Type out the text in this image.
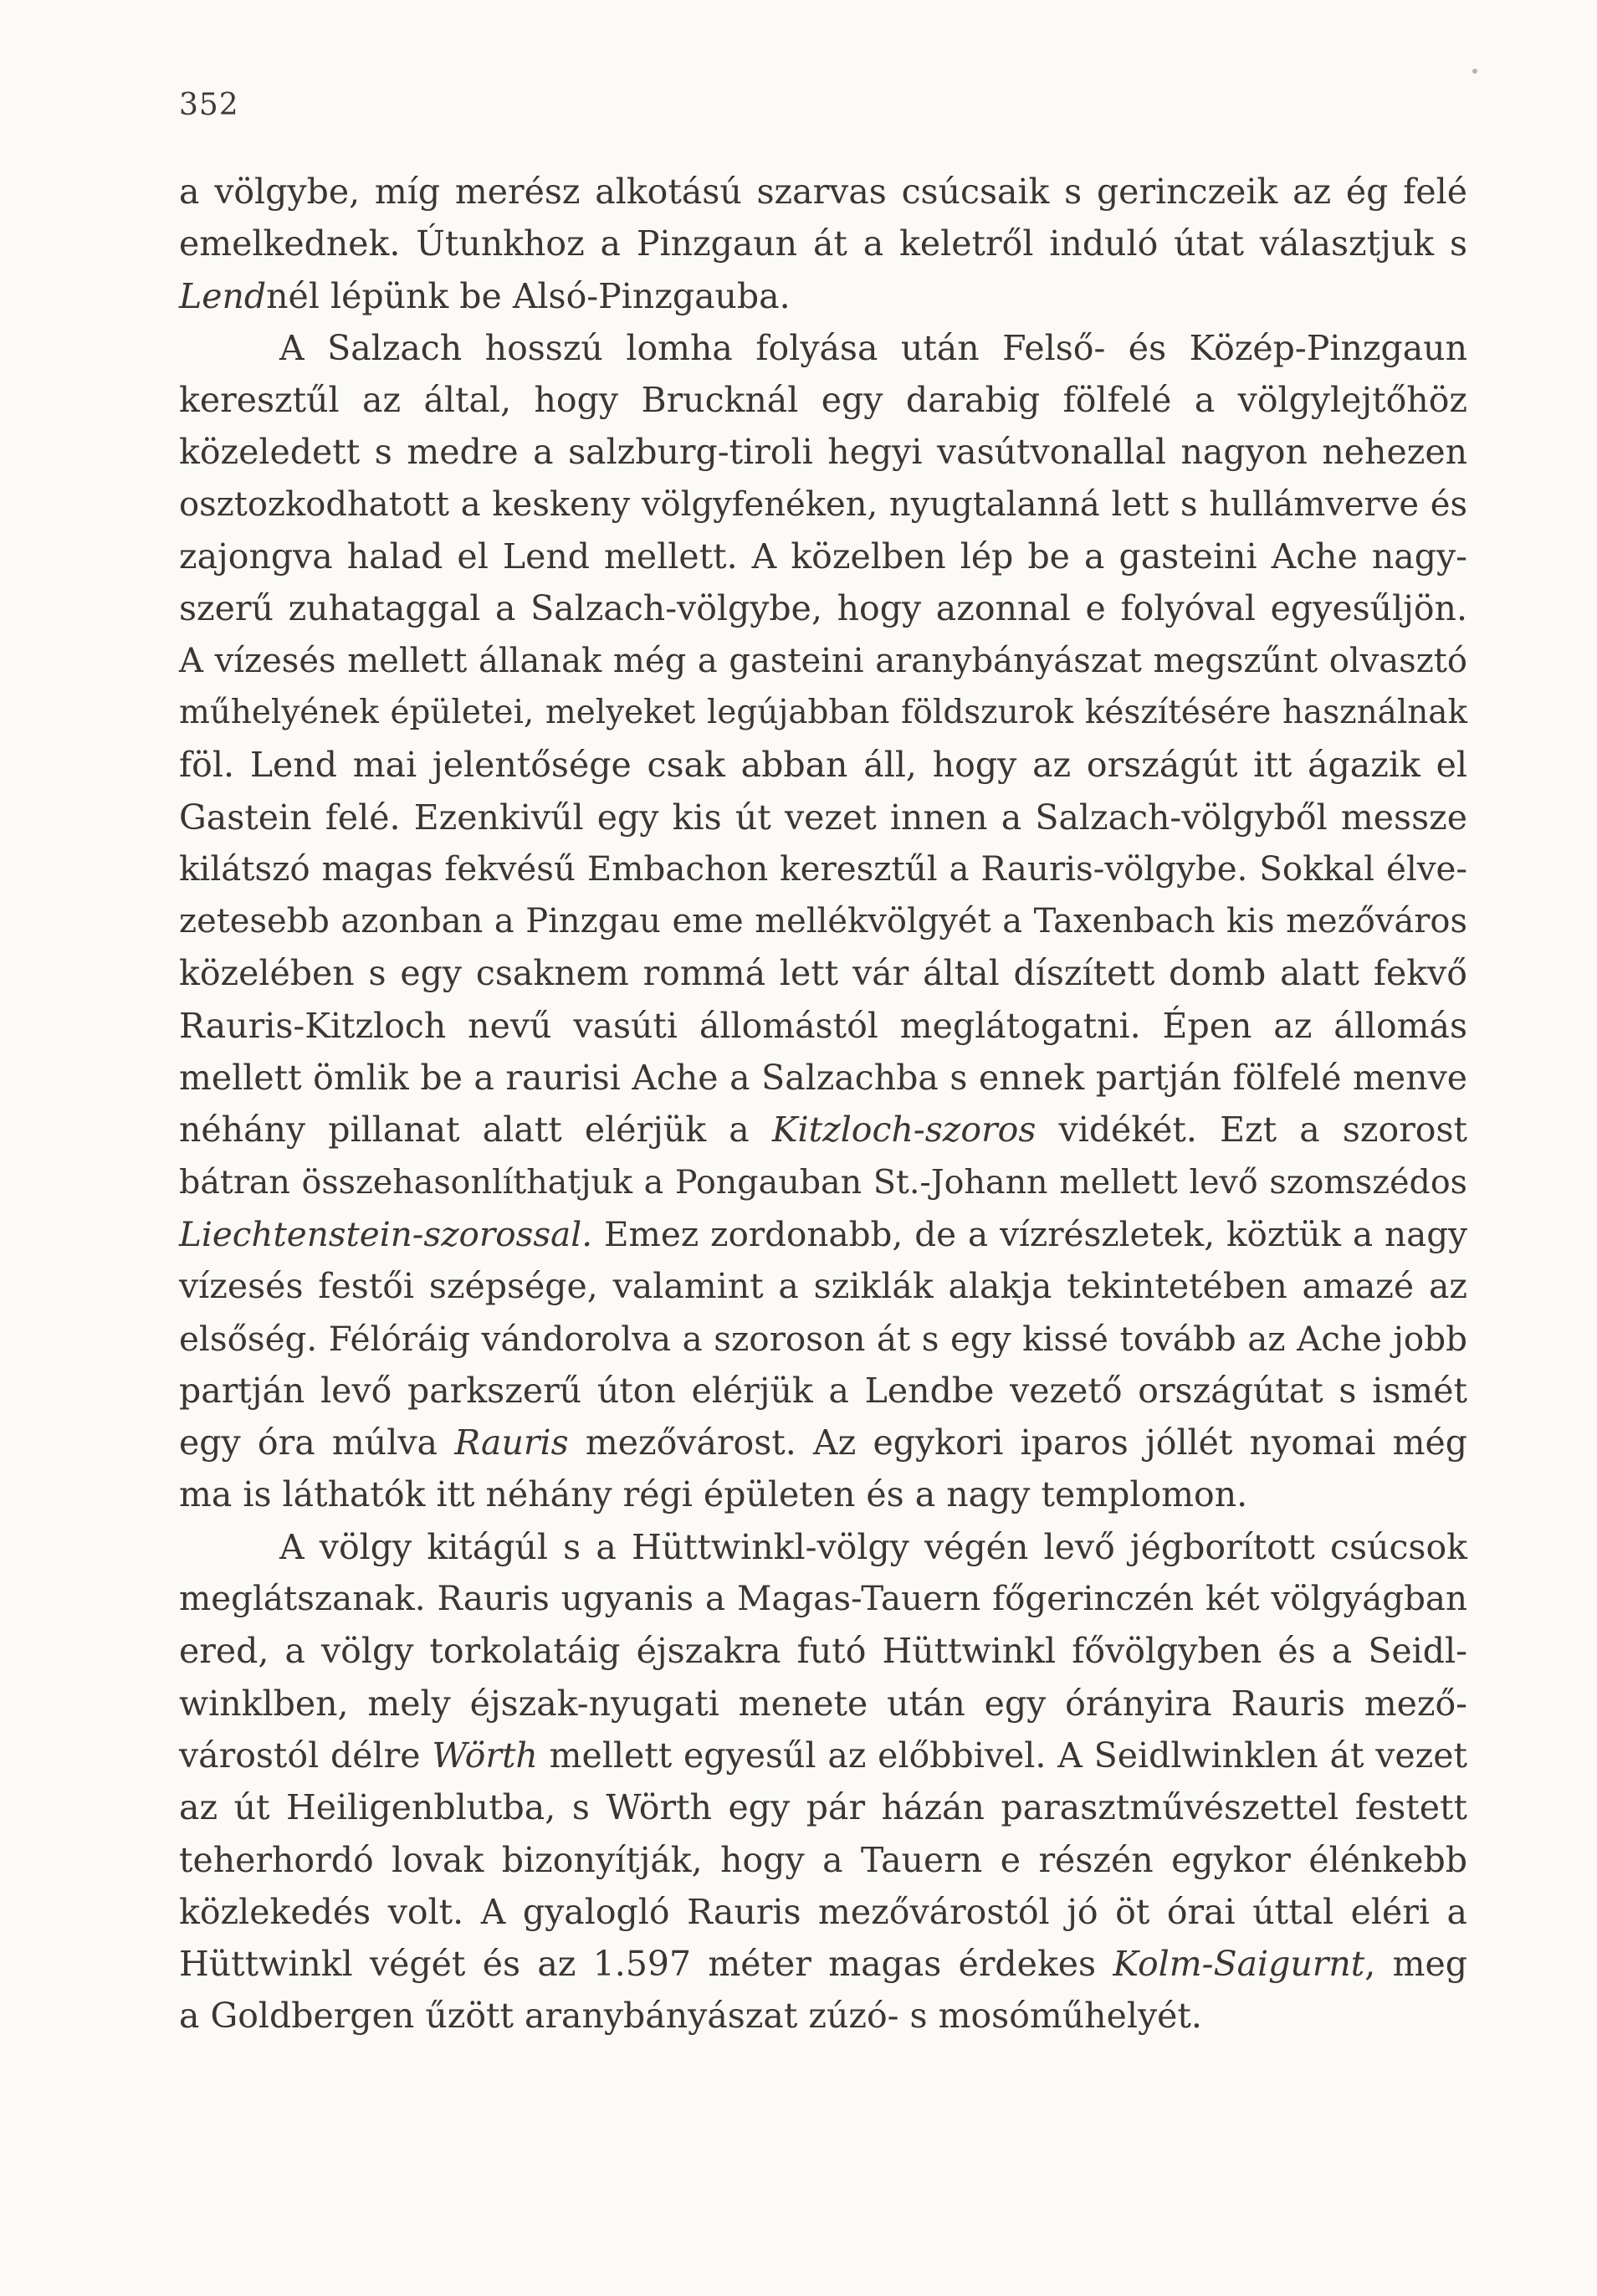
352
a völgybe, míg merész alkotású szarvas csúcsaik s gerinczeik az ég felé
emelkednek. Útunkhoz a Pinzgaun át a keletről induló útat választjuk s
Lendnél lépünk be Alsó-Pinzgauba.
A Salzach hosszú lomha folyása után Felső- és Közép-Pinzgaun
keresztűl az által, hogy Brucknál egy darabig fölfelé a völgylejtőhöz
közeledett s medre a salzburg-tiroli hegyi vasútvonallal nagyon nehezen
osztozkodhatott a keskeny völgyfenéken, nyugtalanná lett s hullámverve és
zajongva halad el Lend mellett. A közelben lép be a gasteini Ache nagy-
szerű zuhataggal a Salzach-völgybe, hogy azonnal e folyóval egyesűljön.
A vízesés mellett állanak még a gasteini aranybányászat megszűnt olvasztó
műhelyének épületei, melyeket legújabban földszurok készítésére használnak
föl. Lend mai jelentősége csak abban áll, hogy az országút itt ágazik el
Gastein felé. Ezenkivűl egy kis út vezet innen a Salzach-völgyből messze
kilátszó magas fekvésű Embachon keresztűl a Rauris-völgybe. Sokkal élve-
zetesebb azonban a Pinzgau eme mellékvölgyét a Taxenbach kis mezőváros
közelében s egy csaknem rommá lett vár által díszített domb alatt fekvő
Rauris-Kitzloch nevű vasúti állomástól meglátogatni. Épen az állomás
mellett ömlik be a raurisi Ache a Salzachba s ennek partján fölfelé menve
néhány pillanat alatt elérjük a Kitzloch-szoros vidékét. Ezt a szorost
bátran összehasonlíthatjuk a Pongauban St.-Johann mellett levő szomszédos
Liechtenstein-szorossal. Emez zordonabb, de a vízrészletek, köztük a nagy
vízesés festői szépsége, valamint a sziklák alakja tekintetében amazé az
elsőség. Félóráig vándorolva a szoroson át s egy kissé tovább az Ache jobb
partján levő parkszerű úton elérjük a Lendbe vezető országútat s ismét
egy óra múlva Rauris mezővárost. Az egykori iparos jóllét nyomai még
ma is láthatók itt néhány régi épületen és a nagy templomon.
A völgy kitágúl s a Hüttwinkl-völgy végén levő jégborított csúcsok
meglátszanak. Rauris ugyanis a Magas-Tauern főgerinczén két völgyágban
ered, a völgy torkolatáig éjszakra futó Hüttwinkl fővölgyben és a Seidl-
winklben, mely éjszak-nyugati menete után egy órányira Rauris mező-
várostól délre Wörth mellett egyesűl az előbbivel. A Seidlwinklen át vezet
az út Heiligenblutba, s Wörth egy pár házán parasztművészettel festett
teherhordó lovak bizonyítják, hogy a Tauern e részén egykor élénkebb
közlekedés volt. A gyalogló Rauris mezővárostól jó öt órai úttal eléri a
Hüttwinkl végét és az 1.597 méter magas érdekes Kolm-Saigurnt, meg
a Goldbergen űzött aranybányászat zúzó- s mosóműhelyét.
